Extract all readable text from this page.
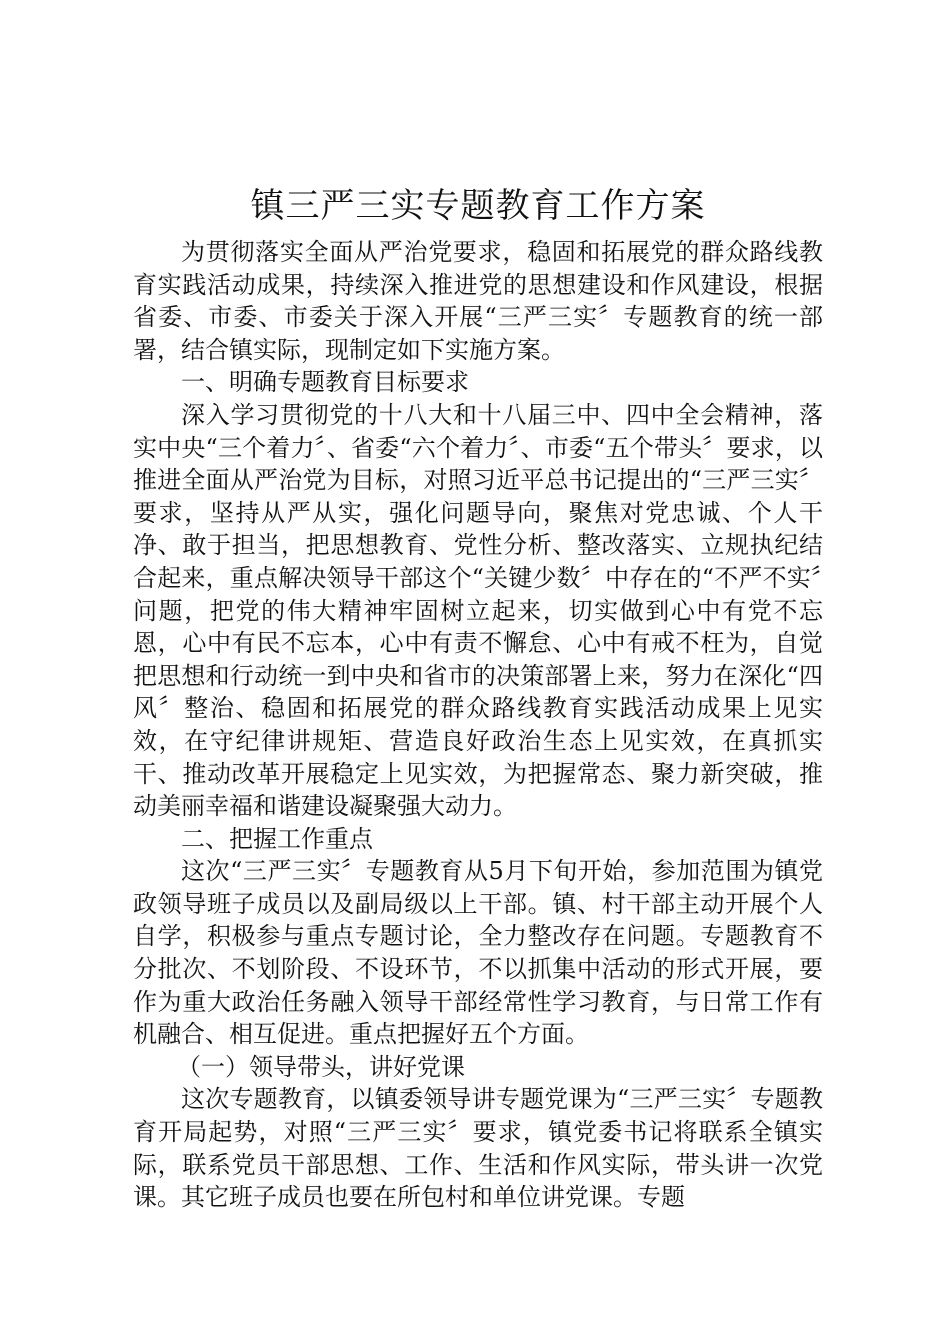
镇三严三实专题教育工作方案

为贯彻落实全面从严治党要求，稳固和拓展党的群众路线教育实践活动成果，持续深入推进党的思想建设和作风建设，根据省委、市委、市委关于深入开展“三严三实〞专题教育的统一部署，结合镇实际，现制定如下实施方案。

一、明确专题教育目标要求

深入学习贯彻党的十八大和十八届三中、四中全会精神，落实中央“三个着力〞、省委“六个着力〞、市委“五个带头〞要求，以推进全面从严治党为目标，对照习近平总书记提出的“三严三实〞要求，坚持从严从实，强化问题导向，聚焦对党忠诚、个人干净、敢于担当，把思想教育、党性分析、整改落实、立规执纪结合起来，重点解决领导干部这个“关键少数〞中存在的“不严不实〞问题，把党的伟大精神牢固树立起来，切实做到心中有党不忘恩，心中有民不忘本，心中有责不懈怠、心中有戒不枉为，自觉把思想和行动统一到中央和省市的决策部署上来，努力在深化“四风〞整治、稳固和拓展党的群众路线教育实践活动成果上见实效，在守纪律讲规矩、营造良好政治生态上见实效，在真抓实干、推动改革开展稳定上见实效，为把握常态、聚力新突破，推动美丽幸福和谐建设凝聚强大动力。

二、把握工作重点

这次“三严三实〞专题教育从5月下旬开始，参加范围为镇党政领导班子成员以及副局级以上干部。镇、村干部主动开展个人自学，积极参与重点专题讨论，全力整改存在问题。专题教育不分批次、不划阶段、不设环节，不以抓集中活动的形式开展，要作为重大政治任务融入领导干部经常性学习教育，与日常工作有机融合、相互促进。重点把握好五个方面。

（一）领导带头，讲好党课

这次专题教育，以镇委领导讲专题党课为“三严三实〞专题教育开局起势，对照“三严三实〞要求，镇党委书记将联系全镇实际，联系党员干部思想、工作、生活和作风实际，带头讲一次党课。其它班子成员也要在所包村和单位讲党课。专题
